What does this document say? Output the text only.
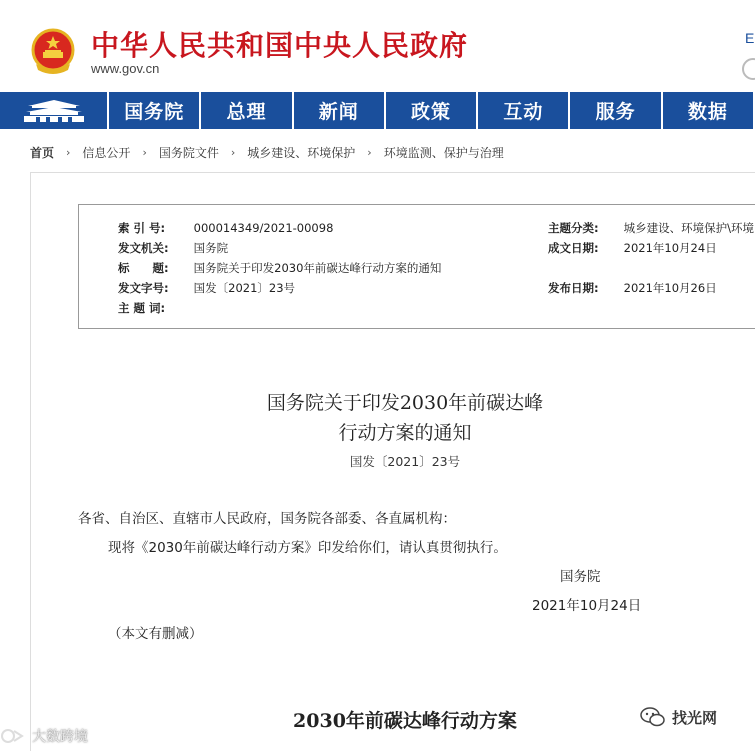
中华人民共和国中央人民政府
www.gov.cn
E
国务院	总理	新闻	政策	互动	服务	数据
首页 › 信息公开 › 国务院文件 › 城乡建设、环境保护 › 环境监测、保护与治理
索 引 号: 000014349/2021-00098
发文机关: 国务院
标　　题: 国务院关于印发2030年前碳达峰行动方案的通知
发文字号: 国发〔2021〕23号
主 题 词:
主题分类: 城乡建设、环境保护\环境
成文日期: 2021年10月24日
发布日期: 2021年10月26日
国务院关于印发2030年前碳达峰
行动方案的通知
国发〔2021〕23号
各省、自治区、直辖市人民政府，国务院各部委、各直属机构：
现将《2030年前碳达峰行动方案》印发给你们，请认真贯彻执行。
国务院
2021年10月24日
（本文有删减）
2030年前碳达峰行动方案
大数跨境
找光网
